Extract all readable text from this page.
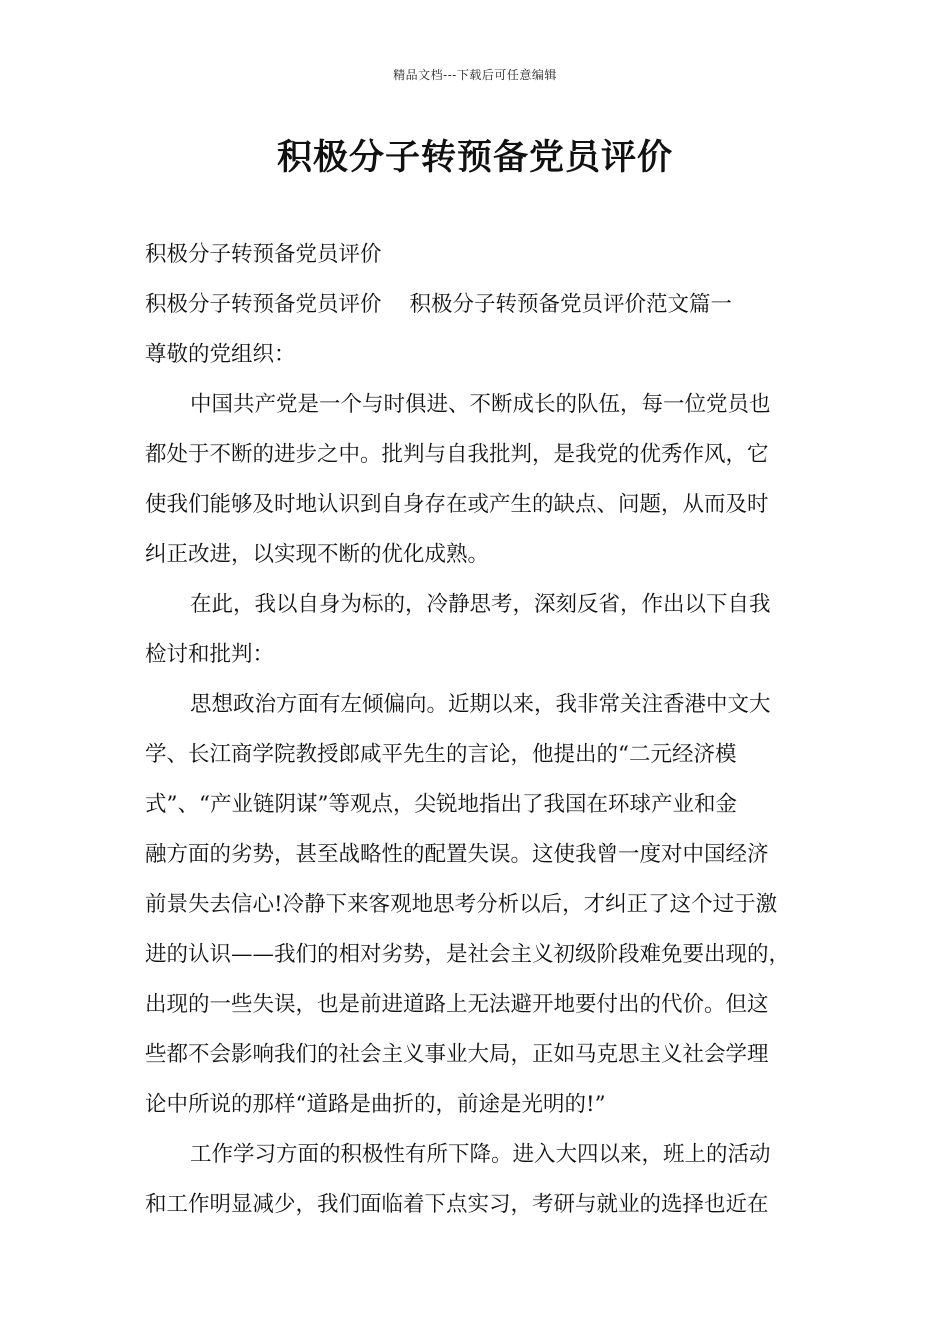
精品文档---下载后可任意编辑
积极分子转预备党员评价
积极分子转预备党员评价
积极分子转预备党员评价 积极分子转预备党员评价范文篇一
尊敬的党组织：
中国共产党是一个与时俱进、不断成长的队伍，每一位党员也
都处于不断的进步之中。批判与自我批判，是我党的优秀作风，它
使我们能够及时地认识到自身存在或产生的缺点、问题，从而及时
纠正改进，以实现不断的优化成熟。
在此，我以自身为标的，冷静思考，深刻反省，作出以下自我
检讨和批判：
思想政治方面有左倾偏向。近期以来，我非常关注香港中文大
学、长江商学院教授郎咸平先生的言论，他提出的“二元经济模
式”、“产业链阴谋”等观点，尖锐地指出了我国在环球产业和金
融方面的劣势，甚至战略性的配置失误。这使我曾一度对中国经济
前景失去信心!冷静下来客观地思考分析以后，才纠正了这个过于激
进的认识——我们的相对劣势，是社会主义初级阶段难免要出现的，
出现的一些失误，也是前进道路上无法避开地要付出的代价。但这
些都不会影响我们的社会主义事业大局，正如马克思主义社会学理
论中所说的那样“道路是曲折的，前途是光明的!”
工作学习方面的积极性有所下降。进入大四以来，班上的活动
和工作明显减少，我们面临着下点实习，考研与就业的选择也近在
